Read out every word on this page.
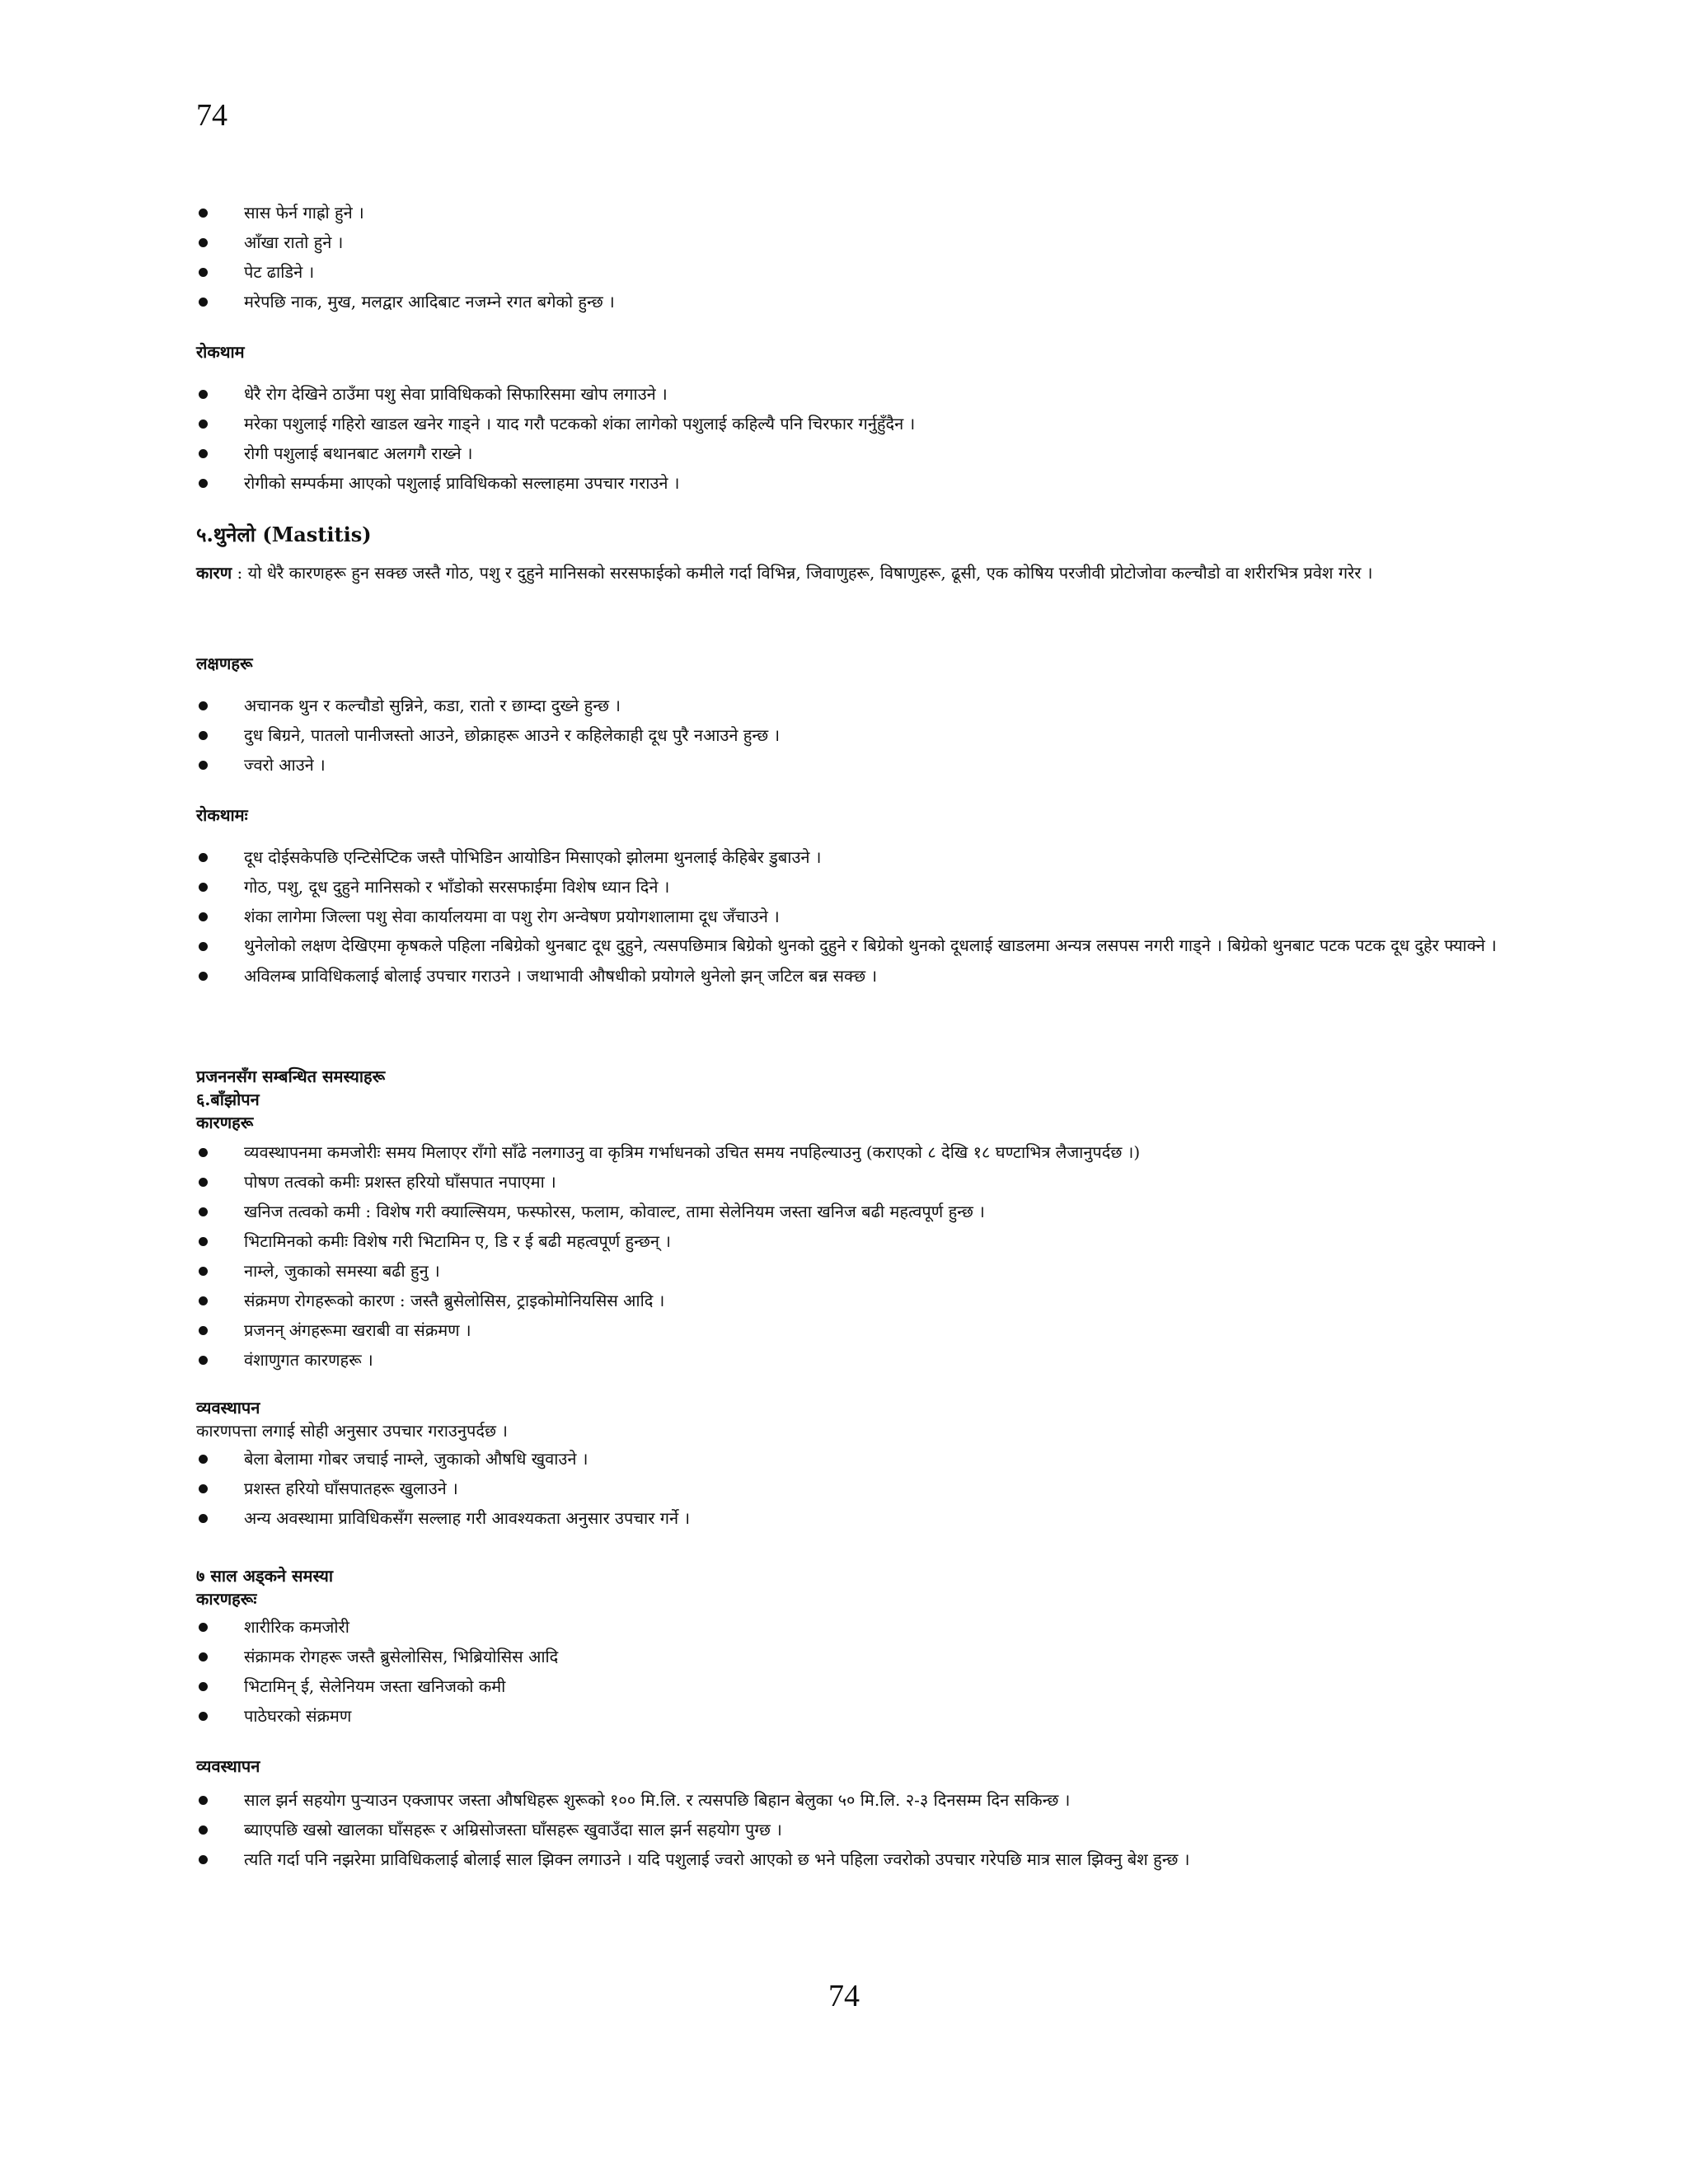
74
सास फेर्न गाह्रो हुने ।
आँखा रातो हुने ।
पेट ढाडिने ।
मरेपछि नाक, मुख, मलद्वार आदिबाट नजम्ने रगत बगेको हुन्छ ।

रोकथाम

धेरै रोग देखिने ठाउँमा पशु सेवा प्राविधिकको सिफारिसमा खोप लगाउने ।
मरेका पशुलाई गहिरो खाडल खनेर गाड्ने । याद गरौ पटकको शंका लागेको पशुलाई कहिल्यै पनि चिरफार गर्नुहुँदैन ।
रोगी पशुलाई बथानबाट अलगगै राख्ने ।
रोगीको सम्पर्कमा आएको पशुलाई प्राविधिकको सल्लाहमा उपचार गराउने ।

५.थुनेलो (Mastitis)

कारण : यो धेरै कारणहरू हुन सक्छ जस्तै गोठ, पशु र दुहुने मानिसको सरसफाईको कमीले गर्दा विभिन्न, जिवाणुहरू, विषाणुहरू, ढूसी, एक कोषिय परजीवी प्रोटोजोवा कल्चौडो वा शरीरभित्र प्रवेश गरेर ।

लक्षणहरू

अचानक थुन र कल्चौडो सुन्निने, कडा, रातो र छाम्दा दुख्ने हुन्छ ।
दुध बिग्रने, पातलो पानीजस्तो आउने, छोक्राहरू आउने र कहिलेकाही दूध पुरै नआउने हुन्छ ।
ज्वरो आउने ।

रोकथामः

दूध दोईसकेपछि एन्टिसेप्टिक जस्तै पोभिडिन आयोडिन मिसाएको झोलमा थुनलाई केहिबेर डुबाउने ।
गोठ, पशु, दूध दुहुने मानिसको र भाँडोको सरसफाईमा विशेष ध्यान दिने ।
शंका लागेमा जिल्ला पशु सेवा कार्यालयमा वा पशु रोग अन्वेषण प्रयोगशालामा दूध जँचाउने ।
थुनेलोको लक्षण देखिएमा कृषकले पहिला नबिग्रेको थुनबाट दूध दुहुने, त्यसपछिमात्र बिग्रेको थुनको दुहुने र बिग्रेको थुनको दूधलाई खाडलमा अन्यत्र लसपस नगरी गाड्ने । बिग्रेको थुनबाट पटक पटक दूध दुहेर फ्याक्ने ।
अविलम्ब प्राविधिकलाई बोलाई उपचार गराउने । जथाभावी औषधीको प्रयोगले थुनेलो झन् जटिल बन्न सक्छ ।
प्रजननसँग सम्बन्धित समस्याहरू
६.बाँझोपन
कारणहरू
व्यवस्थापनमा कमजोरीः समय मिलाएर राँगो साँढे नलगाउनु वा कृत्रिम गर्भाधनको उचित समय नपहिल्याउनु (कराएको ८ देखि १८ घण्टाभित्र लैजानुपर्दछ ।)
पोषण तत्वको कमीः प्रशस्त हरियो घाँसपात नपाएमा ।
खनिज तत्वको कमी : विशेष गरी क्याल्सियम, फस्फोरस, फलाम, कोवाल्ट, तामा सेलेनियम जस्ता खनिज बढी महत्वपूर्ण हुन्छ ।
भिटामिनको कमीः विशेष गरी भिटामिन ए, डि र ई बढी महत्वपूर्ण हुन्छन् ।
नाम्ले, जुकाको समस्या बढी हुनु ।
संक्रमण रोगहरूको कारण : जस्तै ब्रुसेलोसिस, ट्राइकोमोनियसिस आदि ।
प्रजनन् अंगहरूमा खराबी वा संक्रमण ।
वंशाणुगत कारणहरू ।
व्यवस्थापन
कारणपत्ता लगाई सोही अनुसार उपचार गराउनुपर्दछ ।
बेला बेलामा गोबर जचाई नाम्ले, जुकाको औषधि खुवाउने ।
प्रशस्त हरियो घाँसपातहरू खुलाउने ।
अन्य अवस्थामा प्राविधिकसँग सल्लाह गरी आवश्यकता अनुसार उपचार गर्ने ।
७ साल अड्कने समस्या
कारणहरूः
शारीरिक कमजोरी
संक्रामक रोगहरू जस्तै ब्रुसेलोसिस, भिब्रियोसिस आदि
भिटामिन् ई, सेलेनियम जस्ता खनिजको कमी
पाठेघरको संक्रमण

व्यवस्थापन

साल झर्न सहयोग पुऱ्याउन एक्जापर जस्ता औषधिहरू शुरूको १०० मि.लि. र त्यसपछि बिहान बेलुका ५० मि.लि. २-३ दिनसम्म दिन सकिन्छ ।
ब्याएपछि खस्रो खालका घाँसहरू र अम्रिसोजस्ता घाँसहरू खुवाउँदा साल झर्न सहयोग पुग्छ ।
त्यति गर्दा पनि नझरेमा प्राविधिकलाई बोलाई साल झिक्न लगाउने । यदि पशुलाई ज्वरो आएको छ भने पहिला ज्वरोको उपचार गरेपछि मात्र साल झिक्नु बेश हुन्छ ।
74
